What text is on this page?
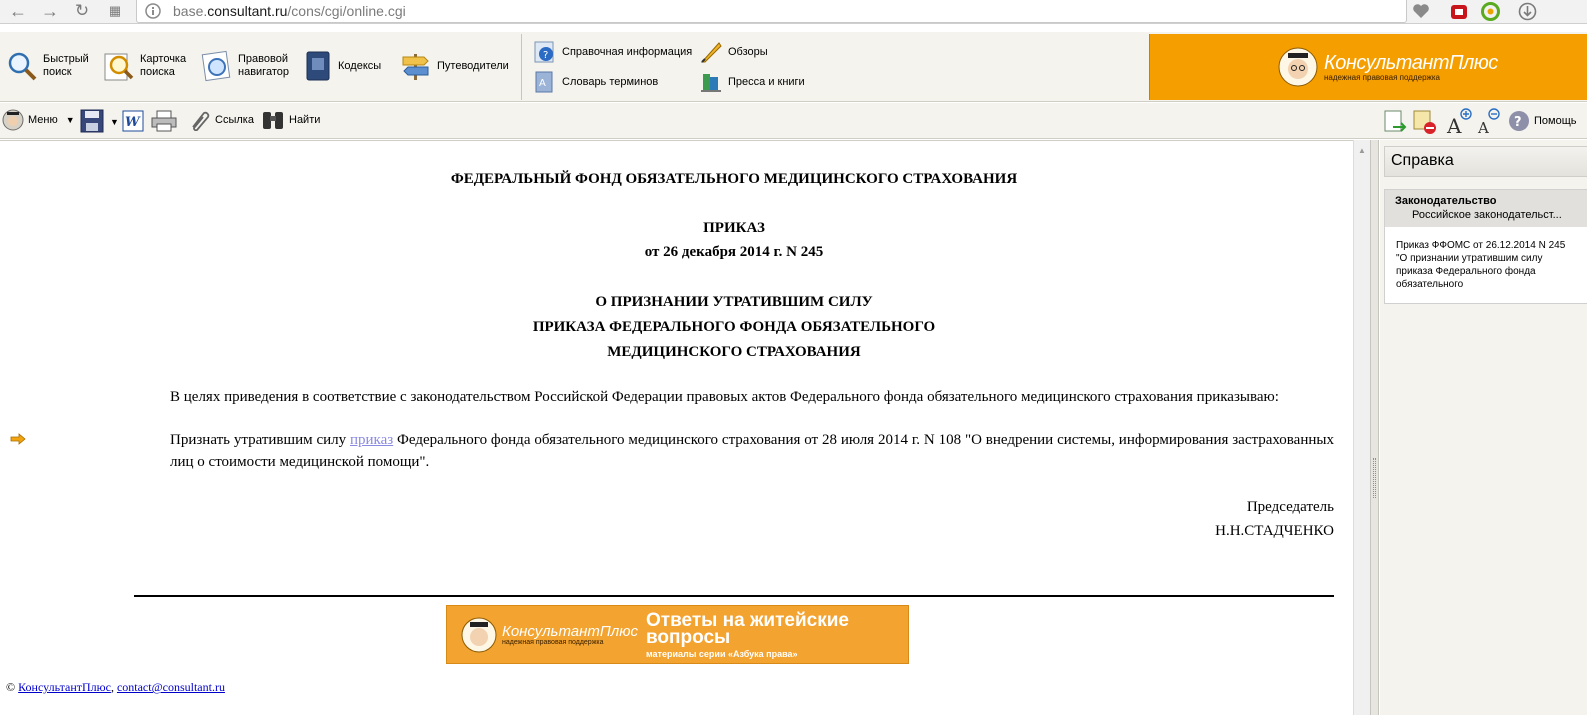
← → ↻	▦	base.consultant.ru/cons/cgi/online.cgi
Быстрый
поиск
Карточка
поиска
Правовой
навигатор
Кодексы	Путеводители
? Справочная информация
A Словарь терминов
Обзоры
Пресса и книги
КонсультантПлюс
надежная правовая поддержка
Меню ▼	▼ W	Ссылка	Найти	A A ? Помощь
ФЕДЕРАЛЬНЫЙ ФОНД ОБЯЗАТЕЛЬНОГО МЕДИЦИНСКОГО СТРАХОВАНИЯ
ПРИКАЗ
от 26 декабря 2014 г. N 245
О ПРИЗНАНИИ УТРАТИВШИМ СИЛУ
ПРИКАЗА ФЕДЕРАЛЬНОГО ФОНДА ОБЯЗАТЕЛЬНОГО
МЕДИЦИНСКОГО СТРАХОВАНИЯ
В целях приведения в соответствие с законодательством Российской Федерации правовых актов Федерального фонда обязательного медицинского страхования приказываю:
Признать утратившим силу приказ Федерального фонда обязательного медицинского страхования от 28 июля 2014 г. N 108 "О внедрении системы, информирования застрахованных лиц о стоимости медицинской помощи".
Председатель
Н.Н.СТАДЧЕНКО
КонсультантПлюс
надежная правовая поддержка
Ответы на житейские
вопросы
материалы серии «Азбука права»
© КонсультантПлюс, contact@consultant.ru
▲
Справка
Законодательство
Российское законодательст...
Приказ ФФОМС от 26.12.2014 N 245 "О признании утратившим силу приказа Федерального фонда обязательного
